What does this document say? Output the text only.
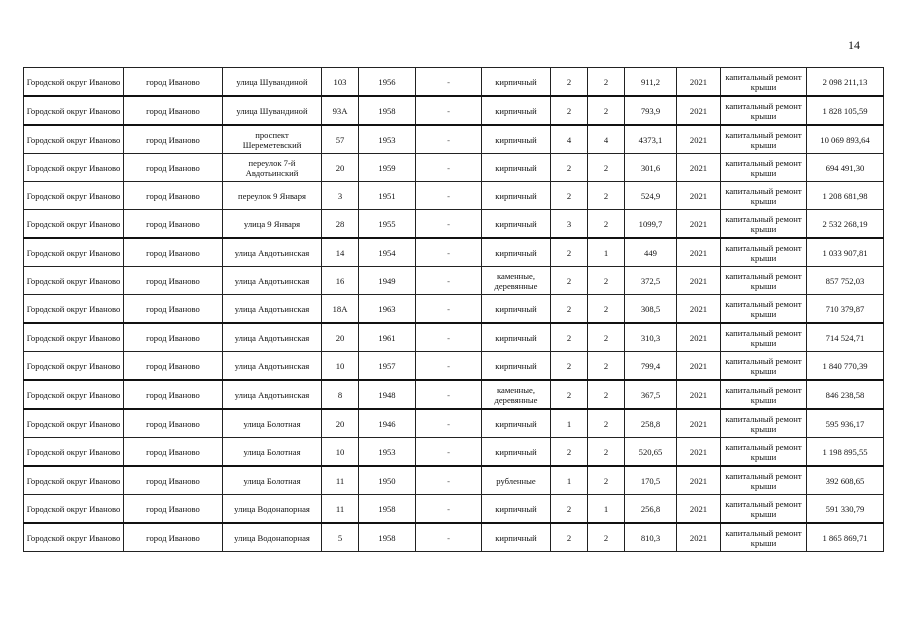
14
Городской округ Иваново	город Иваново	улица Шувандиной	103	1956	-	кирпичный	2	2	911,2	2021	капитальный ремонт крыши	2 098 211,13
Городской округ Иваново	город Иваново	улица Шувандиной	93А	1958	-	кирпичный	2	2	793,9	2021	капитальный ремонт крыши	1 828 105,59
Городской округ Иваново	город Иваново	проспект Шереметевский	57	1953	-	кирпичный	4	4	4373,1	2021	капитальный ремонт крыши	10 069 893,64
Городской округ Иваново	город Иваново	переулок 7-й Авдотьинский	20	1959	-	кирпичный	2	2	301,6	2021	капитальный ремонт крыши	694 491,30
Городской округ Иваново	город Иваново	переулок 9 Января	3	1951	-	кирпичный	2	2	524,9	2021	капитальный ремонт крыши	1 208 681,98
Городской округ Иваново	город Иваново	улица 9 Января	28	1955	-	кирпичный	3	2	1099,7	2021	капитальный ремонт крыши	2 532 268,19
Городской округ Иваново	город Иваново	улица Авдотьинская	14	1954	-	кирпичный	2	1	449	2021	капитальный ремонт крыши	1 033 907,81
Городской округ Иваново	город Иваново	улица Авдотьинская	16	1949	-	каменные, деревянные	2	2	372,5	2021	капитальный ремонт крыши	857 752,03
Городской округ Иваново	город Иваново	улица Авдотьинская	18А	1963	-	кирпичный	2	2	308,5	2021	капитальный ремонт крыши	710 379,87
Городской округ Иваново	город Иваново	улица Авдотьинская	20	1961	-	кирпичный	2	2	310,3	2021	капитальный ремонт крыши	714 524,71
Городской округ Иваново	город Иваново	улица Авдотьинская	10	1957	-	кирпичный	2	2	799,4	2021	капитальный ремонт крыши	1 840 770,39
Городской округ Иваново	город Иваново	улица Авдотьинская	8	1948	-	каменные, деревянные	2	2	367,5	2021	капитальный ремонт крыши	846 238,58
Городской округ Иваново	город Иваново	улица Болотная	20	1946	-	кирпичный	1	2	258,8	2021	капитальный ремонт крыши	595 936,17
Городской округ Иваново	город Иваново	улица Болотная	10	1953	-	кирпичный	2	2	520,65	2021	капитальный ремонт крыши	1 198 895,55
Городской округ Иваново	город Иваново	улица Болотная	11	1950	-	рубленные	1	2	170,5	2021	капитальный ремонт крыши	392 608,65
Городской округ Иваново	город Иваново	улица Водонапорная	11	1958	-	кирпичный	2	1	256,8	2021	капитальный ремонт крыши	591 330,79
Городской округ Иваново	город Иваново	улица Водонапорная	5	1958	-	кирпичный	2	2	810,3	2021	капитальный ремонт крыши	1 865 869,71
